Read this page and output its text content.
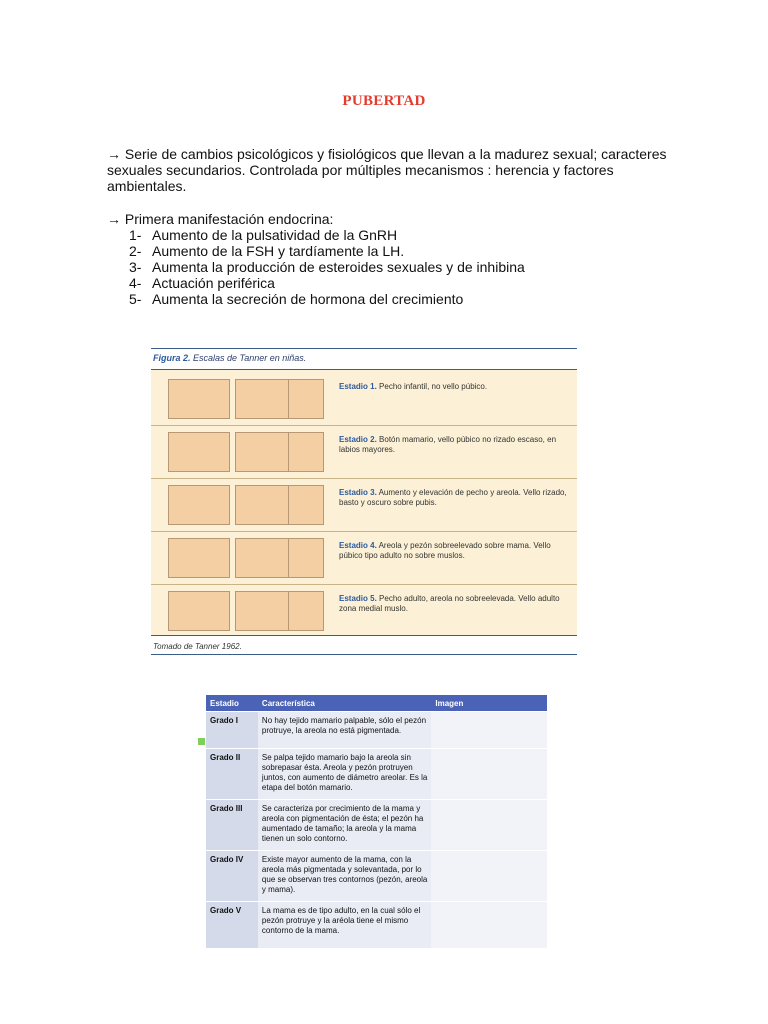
PUBERTAD
→ Serie de cambios psicológicos y fisiológicos que llevan a la madurez sexual; caracteres sexuales secundarios. Controlada por múltiples mecanismos : herencia y factores ambientales.
→ Primera manifestación endocrina:
1- Aumento de la pulsatividad de la GnRH
2- Aumento de la FSH y tardíamente la LH.
3- Aumenta la producción de esteroides sexuales y de inhibina
4- Actuación periférica
5- Aumenta la secreción de hormona del crecimiento
Figura 2. Escalas de Tanner en niñas.
Estadio 1. Pecho infantil, no vello púbico.
Estadio 2. Botón mamario, vello púbico no rizado escaso, en labios mayores.
Estadio 3. Aumento y elevación de pecho y areola. Vello rizado, basto y oscuro sobre pubis.
Estadio 4. Areola y pezón sobreelevado sobre mama. Vello púbico tipo adulto no sobre muslos.
Estadio 5. Pecho adulto, areola no sobreelevada. Vello adulto zona medial muslo.
Tomado de Tanner 1962.
Estadio	Característica	Imagen
Grado I	No hay tejido mamario palpable, sólo el pezón protruye, la areola no está pigmentada.	
Grado II	Se palpa tejido mamario bajo la areola sin sobrepasar ésta. Areola y pezón protruyen juntos, con aumento de diámetro areolar. Es la etapa del botón mamario.	
Grado III	Se caracteriza por crecimiento de la mama y areola con pigmentación de ésta; el pezón ha aumentado de tamaño; la areola y la mama tienen un solo contorno.	
Grado IV	Existe mayor aumento de la mama, con la areola más pigmentada y solevantada, por lo que se observan tres contornos (pezón, areola y mama).	
Grado V	La mama es de tipo adulto, en la cual sólo el pezón protruye y la aréola tiene el mismo contorno de la mama.	
